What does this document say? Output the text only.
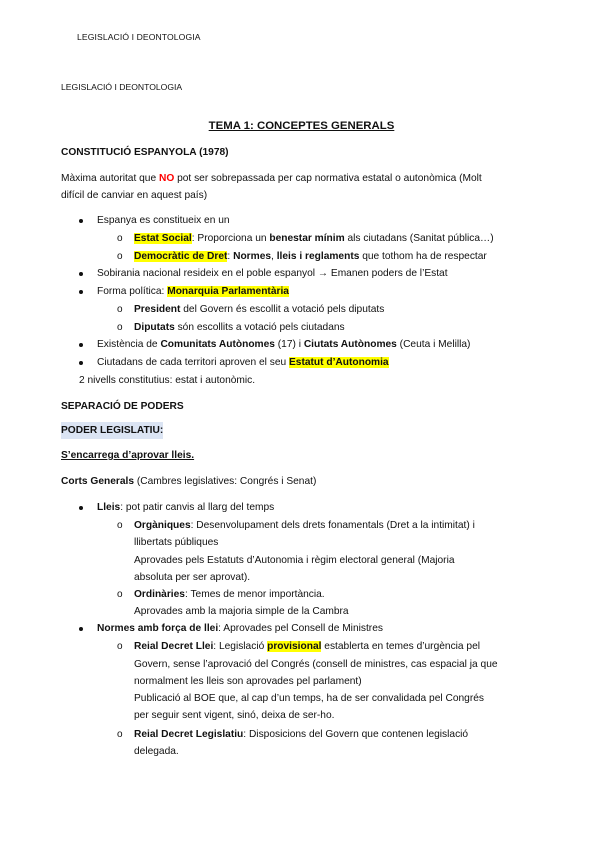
LEGISLACIÓ I DEONTOLOGIA
LEGISLACIÓ I DEONTOLOGIA
TEMA 1: CONCEPTES GENERALS
CONSTITUCIÓ ESPANYOLA (1978)
Màxima autoritat que NO pot ser sobrepassada per cap normativa estatal o autonòmica (Molt
difícil de canviar en aquest país)
Espanya es constitueix en un
o Estat Social: Proporciona un benestar mínim als ciutadans (Sanitat pública…)
o Democràtic de Dret: Normes, lleis i reglaments que tothom ha de respectar
Sobirania nacional resideix en el poble espanyol → Emanen poders de l’Estat
Forma política: Monarquia Parlamentària
o President del Govern és escollit a votació pels diputats
o Diputats són escollits a votació pels ciutadans
Existència de Comunitats Autònomes (17) i Ciutats Autònomes (Ceuta i Melilla)
Ciutadans de cada territori aproven el seu Estatut d’Autonomia
2 nivells constitutius: estat i autonòmic.
SEPARACIÓ DE PODERS
PODER LEGISLATIU:
S’encarrega d’aprovar lleis.
Corts Generals (Cambres legislatives: Congrés i Senat)
Lleis: pot patir canvis al llarg del temps
o Orgàniques: Desenvolupament dels drets fonamentals (Dret a la intimitat) i
llibertats públiques
Aprovades pels Estatuts d’Autonomia i règim electoral general (Majoria
absoluta per ser aprovat).
o Ordinàries: Temes de menor importància.
Aprovades amb la majoria simple de la Cambra
Normes amb força de llei: Aprovades pel Consell de Ministres
o Reial Decret Llei: Legislació provisional establerta en temes d’urgència pel
Govern, sense l’aprovació del Congrés (consell de ministres, cas espacial ja que
normalment les lleis son aprovades pel parlament)
Publicació al BOE que, al cap d’un temps, ha de ser convalidada pel Congrés
per seguir sent vigent, sinó, deixa de ser-ho.
o Reial Decret Legislatiu: Disposicions del Govern que contenen legislació
delegada.
